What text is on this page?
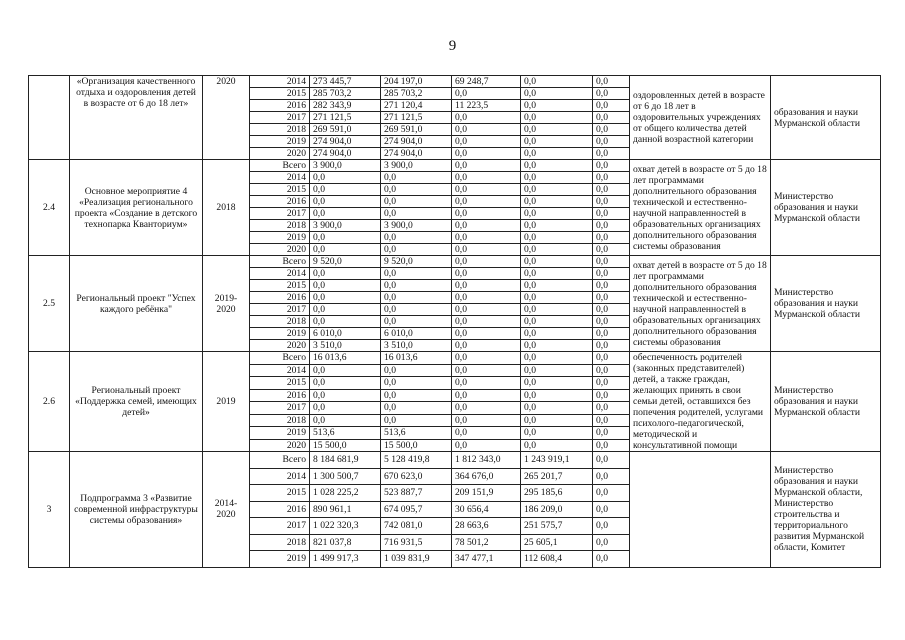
9
	«Организация качественного отдыха и оздоровления детей в возрасте от 6 до 18 лет»	2020	2014	273 445,7	204 197,0	69 248,7	0,0	0,0	оздоровленных детей в возрасте от 6 до 18 лет в оздоровительных учреждениях от общего количества детей данной возрастной категории	образования и науки Мурманской области
			2015	285 703,2	285 703,2	0,0	0,0	0,0		
			2016	282 343,9	271 120,4	11 223,5	0,0	0,0		
			2017	271 121,5	271 121,5	0,0	0,0	0,0		
			2018	269 591,0	269 591,0	0,0	0,0	0,0		
			2019	274 904,0	274 904,0	0,0	0,0	0,0		
			2020	274 904,0	274 904,0	0,0	0,0	0,0		
2.4	Основное мероприятие 4 «Реализация регионального проекта «Создание в детского технопарка Кванториум»	2018	Всего	3 900,0	3 900,0	0,0	0,0	0,0	охват детей в возрасте от 5 до 18 лет программами дополнительного образования технической и естественно-научной направленностей в образовательных организациях дополнительного образования системы образования	Министерство образования и науки Мурманской области
			2014	0,0	0,0	0,0	0,0	0,0		
			2015	0,0	0,0	0,0	0,0	0,0		
			2016	0,0	0,0	0,0	0,0	0,0		
			2017	0,0	0,0	0,0	0,0	0,0		
			2018	3 900,0	3 900,0	0,0	0,0	0,0		
			2019	0,0	0,0	0,0	0,0	0,0		
			2020	0,0	0,0	0,0	0,0	0,0		
2.5	Региональный проект "Успех каждого ребёнка"	2019-2020	Всего	9 520,0	9 520,0	0,0	0,0	0,0	охват детей в возрасте от 5 до 18 лет программами дополнительного образования технической и естественно-научной направленностей в образовательных организациях дополнительного образования системы образования	Министерство образования и науки Мурманской области
			2014	0,0	0,0	0,0	0,0	0,0		
			2015	0,0	0,0	0,0	0,0	0,0		
			2016	0,0	0,0	0,0	0,0	0,0		
			2017	0,0	0,0	0,0	0,0	0,0		
			2018	0,0	0,0	0,0	0,0	0,0		
			2019	6 010,0	6 010,0	0,0	0,0	0,0		
			2020	3 510,0	3 510,0	0,0	0,0	0,0		
2.6	Региональный проект «Поддержка семей, имеющих детей»	2019	Всего	16 013,6	16 013,6	0,0	0,0	0,0	обеспеченность родителей (законных представителей) детей, а также граждан, желающих принять в свои семьи детей, оставшихся без попечения родителей, услугами психолого-педагогической, методической и консультативной помощи	Министерство образования и науки Мурманской области
			2014	0,0	0,0	0,0	0,0	0,0		
			2015	0,0	0,0	0,0	0,0	0,0		
			2016	0,0	0,0	0,0	0,0	0,0		
			2017	0,0	0,0	0,0	0,0	0,0		
			2018	0,0	0,0	0,0	0,0	0,0		
			2019	513,6	513,6	0,0	0,0	0,0		
			2020	15 500,0	15 500,0	0,0	0,0	0,0		
3	Подпрограмма 3 «Развитие современной инфраструктуры системы образования»	2014-2020	Всего	8 184 681,9	5 128 419,8	1 812 343,0	1 243 919,1	0,0		Министерство образования и науки Мурманской области, Министерство строительства и территориального развития Мурманской области, Комитет
			2014	1 300 500,7	670 623,0	364 676,0	265 201,7	0,0		
			2015	1 028 225,2	523 887,7	209 151,9	295 185,6	0,0		
			2016	890 961,1	674 095,7	30 656,4	186 209,0	0,0		
			2017	1 022 320,3	742 081,0	28 663,6	251 575,7	0,0		
			2018	821 037,8	716 931,5	78 501,2	25 605,1	0,0		
			2019	1 499 917,3	1 039 831,9	347 477,1	112 608,4	0,0		
